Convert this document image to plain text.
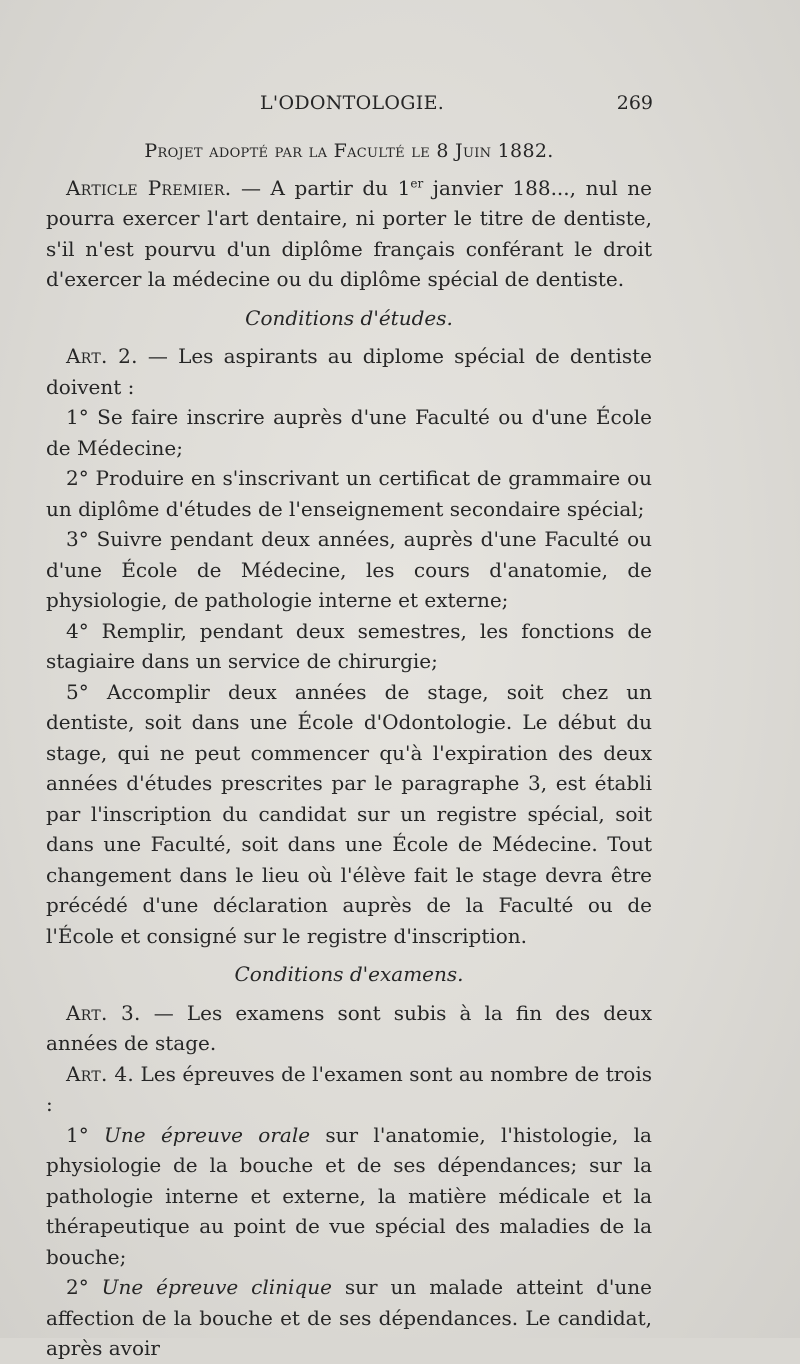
L'ODONTOLOGIE.	269

Projet adopté par la Faculté le 8 Juin 1882.

Article Premier. — A partir du 1er janvier 188..., nul ne pourra exercer l'art dentaire, ni porter le titre de dentiste, s'il n'est pourvu d'un diplôme français conférant le droit d'exercer la médecine ou du diplôme spécial de dentiste.

Conditions d'études.

Art. 2. — Les aspirants au diplome spécial de dentiste doivent :

1° Se faire inscrire auprès d'une Faculté ou d'une École de Médecine;

2° Produire en s'inscrivant un certificat de grammaire ou un diplôme d'études de l'enseignement secondaire spécial;

3° Suivre pendant deux années, auprès d'une Faculté ou d'une École de Médecine, les cours d'anatomie, de physiologie, de pathologie interne et externe;

4° Remplir, pendant deux semestres, les fonctions de stagiaire dans un service de chirurgie;

5° Accomplir deux années de stage, soit chez un dentiste, soit dans une École d'Odontologie. Le début du stage, qui ne peut commencer qu'à l'expiration des deux années d'études prescrites par le paragraphe 3, est établi par l'inscription du candidat sur un registre spécial, soit dans une Faculté, soit dans une École de Médecine. Tout changement dans le lieu où l'élève fait le stage devra être précédé d'une déclaration auprès de la Faculté ou de l'École et consigné sur le registre d'inscription.

Conditions d'examens.

Art. 3. — Les examens sont subis à la fin des deux années de stage.

Art. 4. Les épreuves de l'examen sont au nombre de trois :

1° Une épreuve orale sur l'anatomie, l'histologie, la physiologie de la bouche et de ses dépendances; sur la pathologie interne et externe, la matière médicale et la thérapeutique au point de vue spécial des maladies de la bouche;

2° Une épreuve clinique sur un malade atteint d'une affection de la bouche et de ses dépendances. Le candidat, après avoir
